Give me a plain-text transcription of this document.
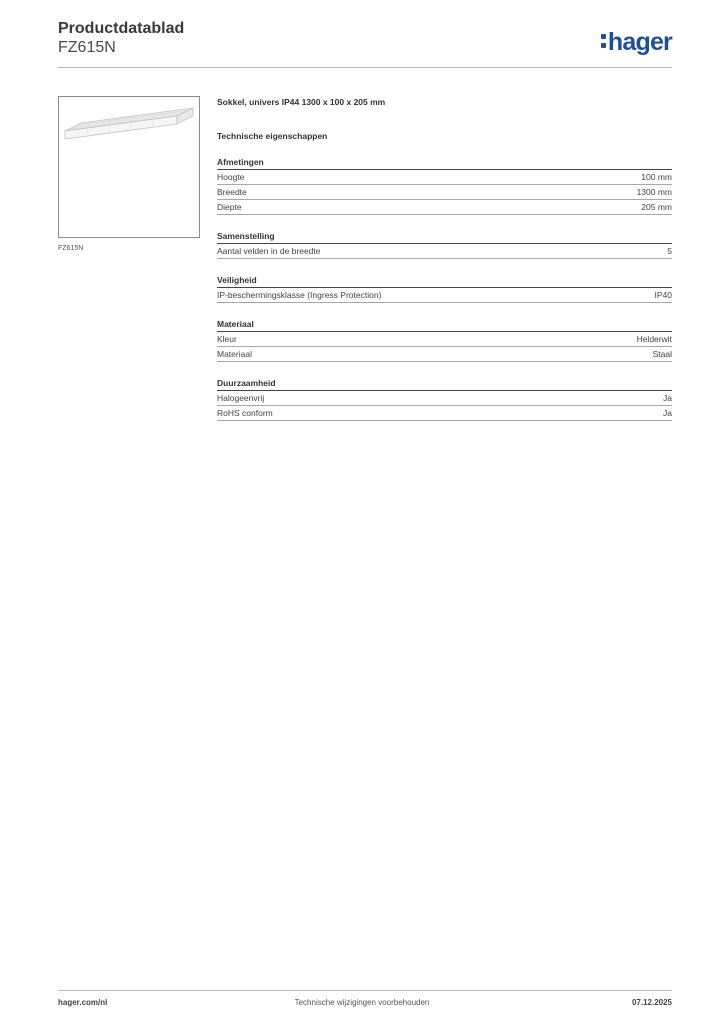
Productdatablad
FZ615N	hager
FZ615N
Sokkel, univers IP44 1300 x 100 x 205 mm
Technische eigenschappen
Afmetingen
Hoogte	100 mm
Breedte	1300 mm
Diepte	205 mm
Samenstelling
Aantal velden in de breedte	5
Veiligheid
IP-beschermingsklasse (Ingress Protection)	IP40
Materiaal
Kleur	Helderwit
Materiaal	Staal
Duurzaamheid
Halogeenvrij	Ja
RoHS conform	Ja
hager.com/nl	Technische wijzigingen voorbehouden	07.12.2025
